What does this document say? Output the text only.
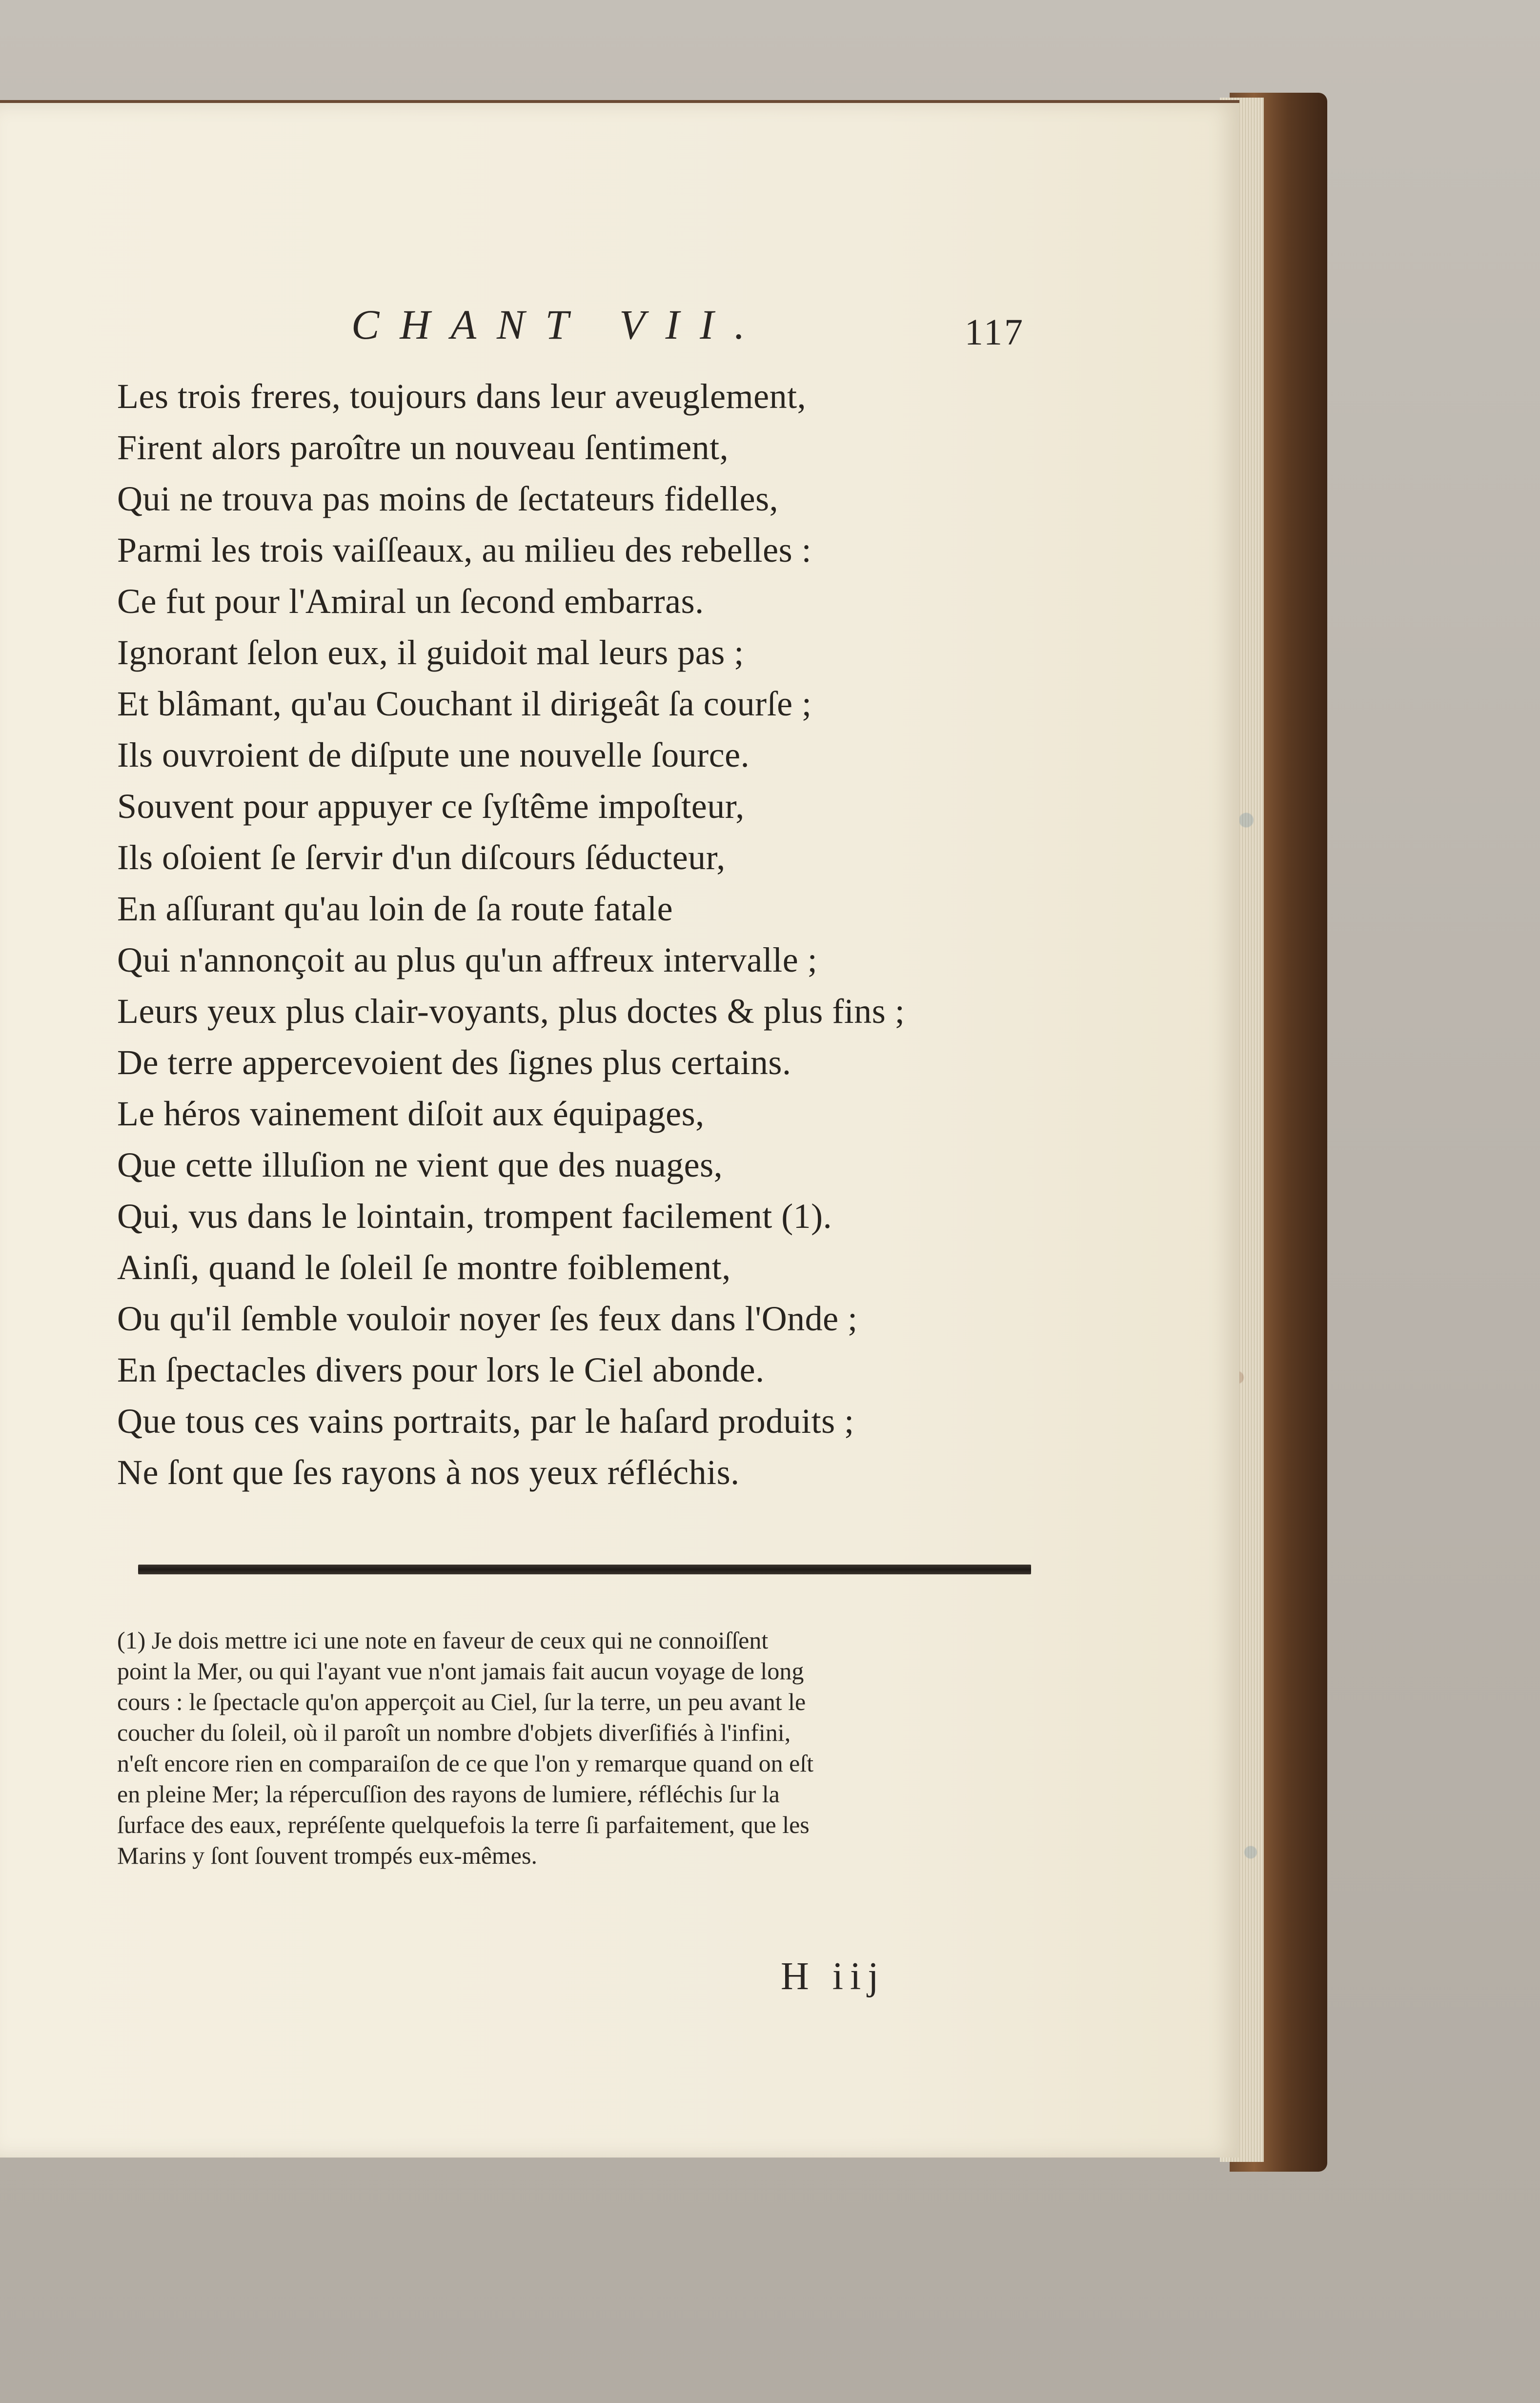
CHANT VII.	117
Les trois freres, toujours dans leur aveuglement,
Firent alors paroître un nouveau ſentiment,
Qui ne trouva pas moins de ſectateurs fidelles,
Parmi les trois vaiſſeaux, au milieu des rebelles :
Ce fut pour l'Amiral un ſecond embarras.
Ignorant ſelon eux, il guidoit mal leurs pas ;
Et blâmant, qu'au Couchant il dirigeât ſa courſe ;
Ils ouvroient de diſpute une nouvelle ſource.
Souvent pour appuyer ce ſyſtême impoſteur,
Ils oſoient ſe ſervir d'un diſcours ſéducteur,
En aſſurant qu'au loin de ſa route fatale
Qui n'annonçoit au plus qu'un affreux intervalle ;
Leurs yeux plus clair-voyants, plus doctes & plus fins ;
De terre appercevoient des ſignes plus certains.
Le héros vainement diſoit aux équipages,
Que cette illuſion ne vient que des nuages,
Qui, vus dans le lointain, trompent facilement (1).
Ainſi, quand le ſoleil ſe montre foiblement,
Ou qu'il ſemble vouloir noyer ſes feux dans l'Onde ;
En ſpectacles divers pour lors le Ciel abonde.
Que tous ces vains portraits, par le haſard produits ;
Ne ſont que ſes rayons à nos yeux réfléchis.
(1) Je dois mettre ici une note en faveur de ceux qui ne connoiſſent
point la Mer, ou qui l'ayant vue n'ont jamais fait aucun voyage de long
cours : le ſpectacle qu'on apperçoit au Ciel, ſur la terre, un peu avant le
coucher du ſoleil, où il paroît un nombre d'objets diverſifiés à l'infini,
n'eſt encore rien en comparaiſon de ce que l'on y remarque quand on eſt
en pleine Mer; la répercuſſion des rayons de lumiere, réfléchis ſur la
ſurface des eaux, repréſente quelquefois la terre ſi parfaitement, que les
Marins y ſont ſouvent trompés eux-mêmes.
H iij
